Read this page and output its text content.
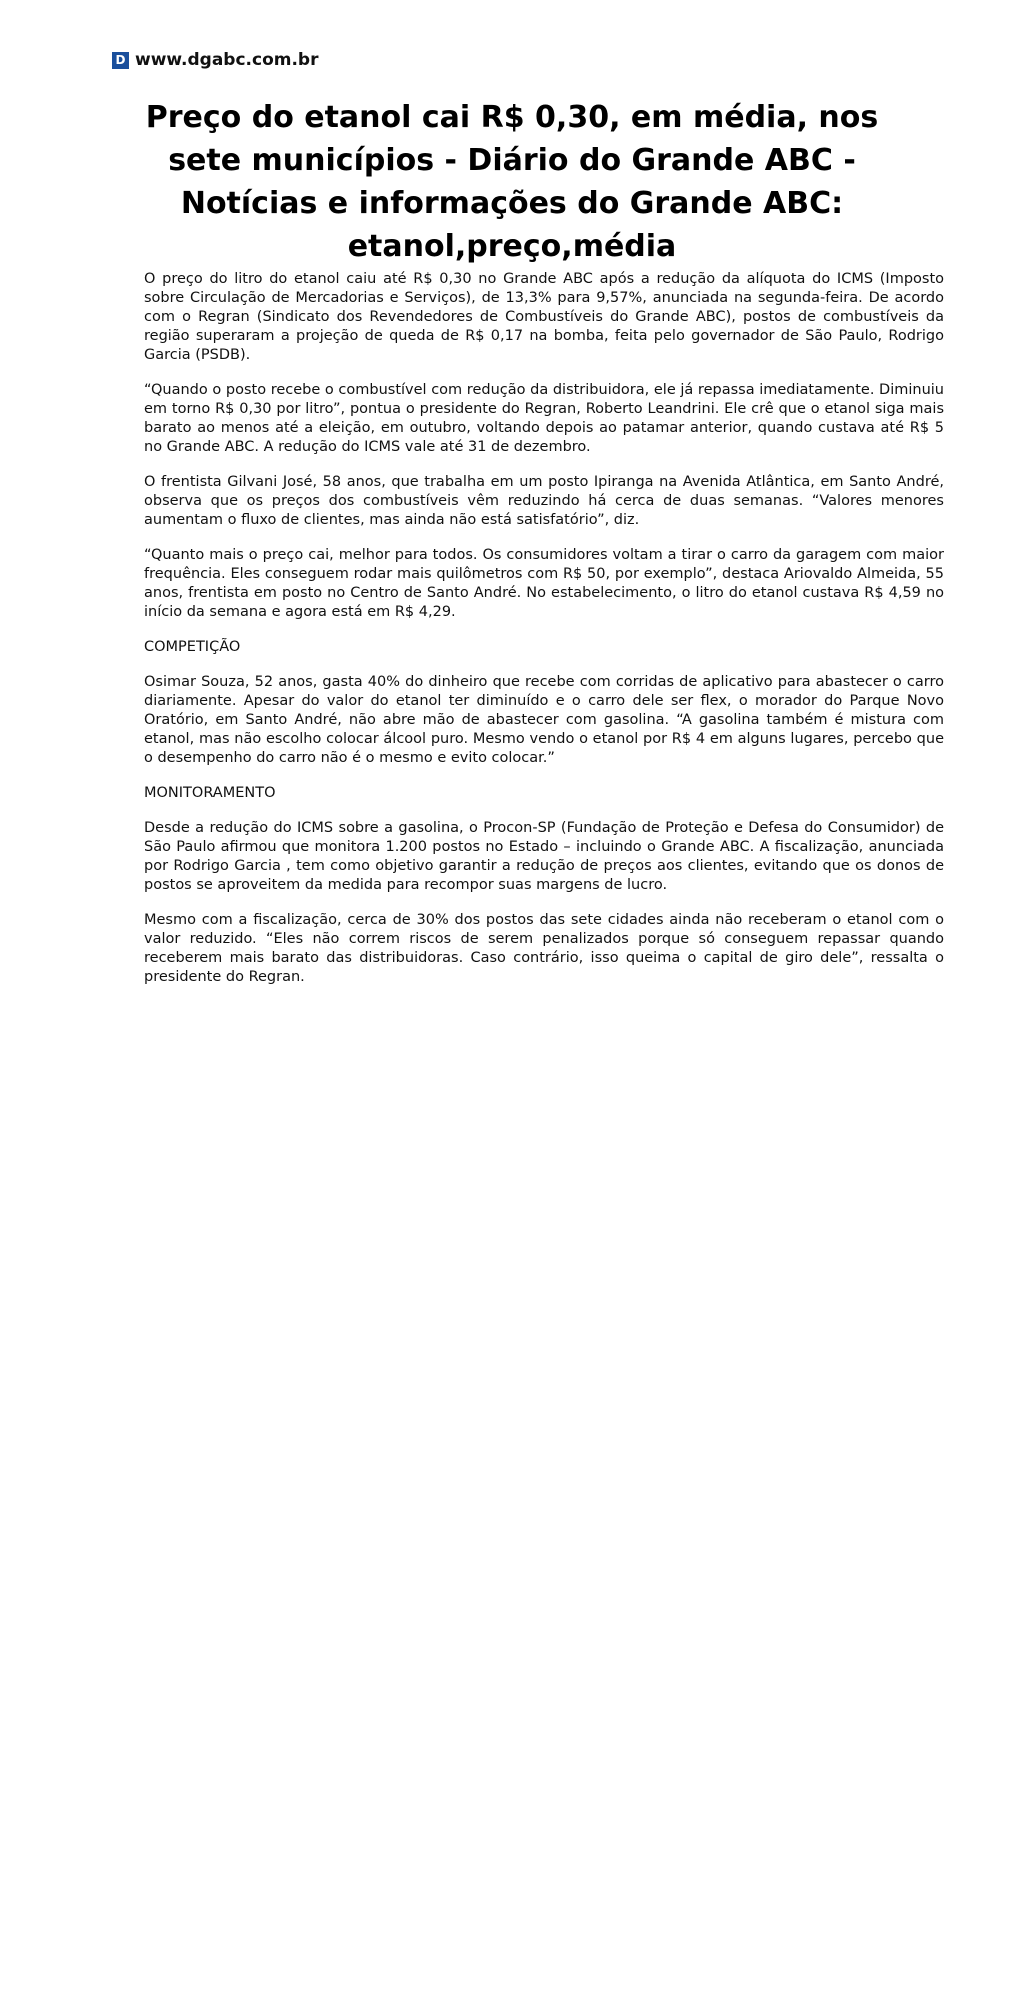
D www.dgabc.com.br
Preço do etanol cai R$ 0,30, em média, nos sete municípios - Diário do Grande ABC - Notícias e informações do Grande ABC: etanol,preço,média

O preço do litro do etanol caiu até R$ 0,30 no Grande ABC após a redução da alíquota do ICMS (Imposto sobre Circulação de Mercadorias e Serviços), de 13,3% para 9,57%, anunciada na segunda-feira. De acordo com o Regran (Sindicato dos Revendedores de Combustíveis do Grande ABC), postos de combustíveis da região superaram a projeção de queda de R$ 0,17 na bomba, feita pelo governador de São Paulo, Rodrigo Garcia (PSDB).

“Quando o posto recebe o combustível com redução da distribuidora, ele já repassa imediatamente. Diminuiu em torno R$ 0,30 por litro”, pontua o presidente do Regran, Roberto Leandrini. Ele crê que o etanol siga mais barato ao menos até a eleição, em outubro, voltando depois ao patamar anterior, quando custava até R$ 5 no Grande ABC. A redução do ICMS vale até 31 de dezembro.

O frentista Gilvani José, 58 anos, que trabalha em um posto Ipiranga na Avenida Atlântica, em Santo André, observa que os preços dos combustíveis vêm reduzindo há cerca de duas semanas. “Valores menores aumentam o fluxo de clientes, mas ainda não está satisfatório”, diz.

“Quanto mais o preço cai, melhor para todos. Os consumidores voltam a tirar o carro da garagem com maior frequência. Eles conseguem rodar mais quilômetros com R$ 50, por exemplo”, destaca Ariovaldo Almeida, 55 anos, frentista em posto no Centro de Santo André. No estabelecimento, o litro do etanol custava R$ 4,59 no início da semana e agora está em R$ 4,29.

COMPETIÇÃO

Osimar Souza, 52 anos, gasta 40% do dinheiro que recebe com corridas de aplicativo para abastecer o carro diariamente. Apesar do valor do etanol ter diminuído e o carro dele ser flex, o morador do Parque Novo Oratório, em Santo André, não abre mão de abastecer com gasolina. “A gasolina também é mistura com etanol, mas não escolho colocar álcool puro. Mesmo vendo o etanol por R$ 4 em alguns lugares, percebo que o desempenho do carro não é o mesmo e evito colocar.”

MONITORAMENTO

Desde a redução do ICMS sobre a gasolina, o Procon-SP (Fundação de Proteção e Defesa do Consumidor) de São Paulo afirmou que monitora 1.200 postos no Estado – incluindo o Grande ABC. A fiscalização, anunciada por Rodrigo Garcia , tem como objetivo garantir a redução de preços aos clientes, evitando que os donos de postos se aproveitem da medida para recompor suas margens de lucro.

Mesmo com a fiscalização, cerca de 30% dos postos das sete cidades ainda não receberam o etanol com o valor reduzido. “Eles não correm riscos de serem penalizados porque só conseguem repassar quando receberem mais barato das distribuidoras. Caso contrário, isso queima o capital de giro dele”, ressalta o presidente do Regran.
